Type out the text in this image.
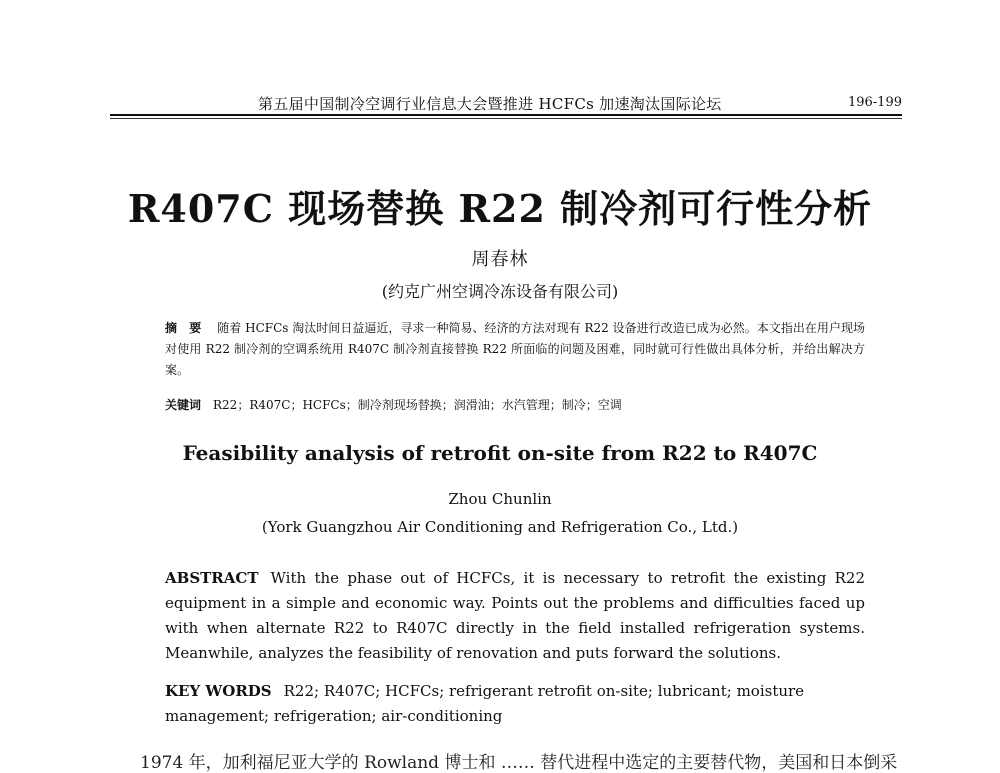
第五届中国制冷空调行业信息大会暨推进 HCFCs 加速淘汰国际论坛	196-199
R407C 现场替换 R22 制冷剂可行性分析
周春林
(约克广州空调冷冻设备有限公司)
摘 要 随着 HCFCs 淘汰时间日益逼近，寻求一种简易、经济的方法对现有 R22 设备进行改造已成为必然。本文指出在用户现场对使用 R22 制冷剂的空调系统用 R407C 制冷剂直接替换 R22 所面临的问题及困难，同时就可行性做出具体分析，并给出解决方案。
关键词 R22；R407C；HCFCs；制冷剂现场替换；润滑油；水汽管理；制冷；空调
Feasibility analysis of retrofit on-site from R22 to R407C
Zhou Chunlin
(York Guangzhou Air Conditioning and Refrigeration Co., Ltd.)
ABSTRACT With the phase out of HCFCs, it is necessary to retrofit the existing R22 equipment in a simple and economic way. Points out the problems and difficulties faced up with when alternate R22 to R407C directly in the field installed refrigeration systems. Meanwhile, analyzes the feasibility of renovation and puts forward the solutions.
KEY WORDS R22; R407C; HCFCs; refrigerant retrofit on-site; lubricant; moisture management; refrigeration; air-conditioning
1974 年，加利福尼亚大学的 Rowland 博士和 …… 替代进程中选定的主要替代物，美国和日本倒采
